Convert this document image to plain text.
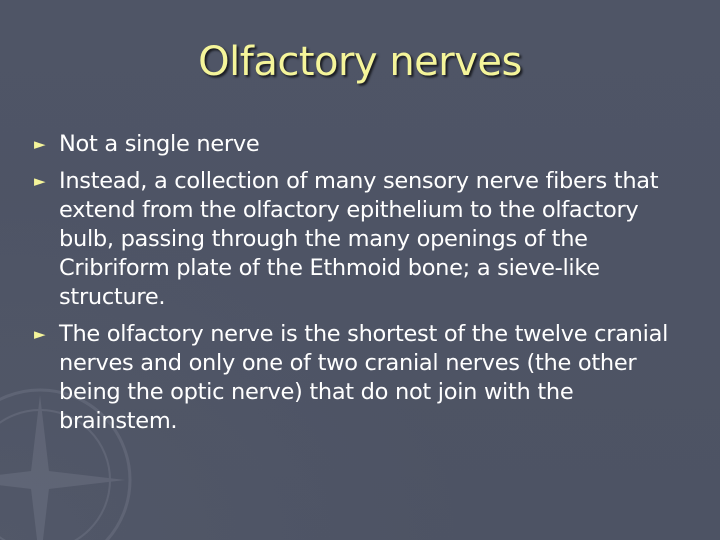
Olfactory nerves
► Not a single nerve
► Instead, a collection of many sensory nerve fibers that extend from the olfactory epithelium to the olfactory bulb, passing through the many openings of the Cribriform plate of the Ethmoid bone; a sieve-like structure.
► The olfactory nerve is the shortest of the twelve cranial nerves and only one of two cranial nerves (the other being the optic nerve) that do not join with the brainstem.
